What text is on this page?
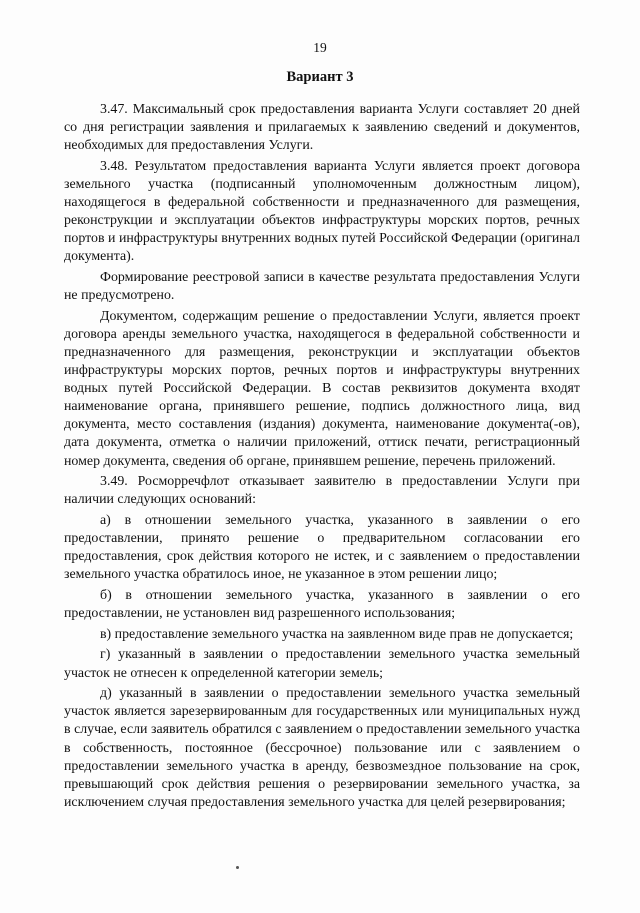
19
Вариант 3

3.47. Максимальный срок предоставления варианта Услуги составляет 20 дней со дня регистрации заявления и прилагаемых к заявлению сведений и документов, необходимых для предоставления Услуги.

3.48. Результатом предоставления варианта Услуги является проект договора земельного участка (подписанный уполномоченным должностным лицом), находящегося в федеральной собственности и предназначенного для размещения, реконструкции и эксплуатации объектов инфраструктуры морских портов, речных портов и инфраструктуры внутренних водных путей Российской Федерации (оригинал документа).

Формирование реестровой записи в качестве результата предоставления Услуги не предусмотрено.

Документом, содержащим решение о предоставлении Услуги, является проект договора аренды земельного участка, находящегося в федеральной собственности и предназначенного для размещения, реконструкции и эксплуатации объектов инфраструктуры морских портов, речных портов и инфраструктуры внутренних водных путей Российской Федерации. В состав реквизитов документа входят наименование органа, принявшего решение, подпись должностного лица, вид документа, место составления (издания) документа, наименование документа(-ов), дата документа, отметка о наличии приложений, оттиск печати, регистрационный номер документа, сведения об органе, принявшем решение, перечень приложений.

3.49. Росморречфлот отказывает заявителю в предоставлении Услуги при наличии следующих оснований:

а) в отношении земельного участка, указанного в заявлении о его предоставлении, принято решение о предварительном согласовании его предоставления, срок действия которого не истек, и с заявлением о предоставлении земельного участка обратилось иное, не указанное в этом решении лицо;

б) в отношении земельного участка, указанного в заявлении о его предоставлении, не установлен вид разрешенного использования;

в) предоставление земельного участка на заявленном виде прав не допускается;

г) указанный в заявлении о предоставлении земельного участка земельный участок не отнесен к определенной категории земель;

д) указанный в заявлении о предоставлении земельного участка земельный участок является зарезервированным для государственных или муниципальных нужд в случае, если заявитель обратился с заявлением о предоставлении земельного участка в собственность, постоянное (бессрочное) пользование или с заявлением о предоставлении земельного участка в аренду, безвозмездное пользование на срок, превышающий срок действия решения о резервировании земельного участка, за исключением случая предоставления земельного участка для целей резервирования;
